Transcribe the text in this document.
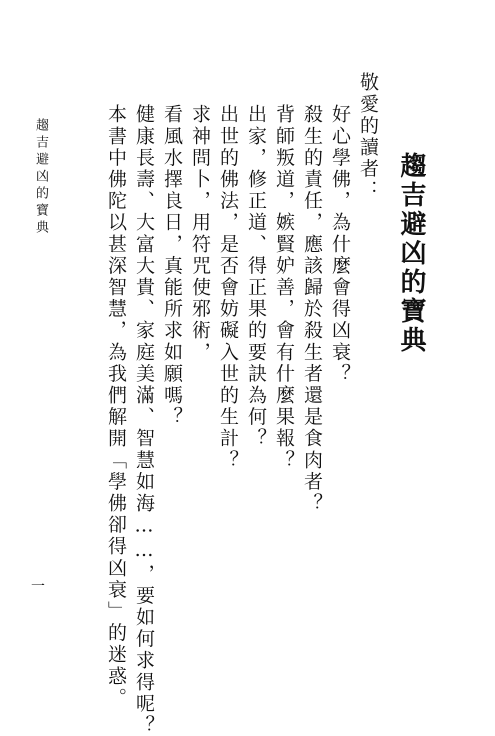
趨吉避凶的寶典
敬愛的讀者：
好心學佛，為什麼會得凶衰？
殺生的責任，應該歸於殺生者還是食肉者？
背師叛道，嫉賢妒善，會有什麼果報？
出家，修正道、得正果的要訣為何？
出世的佛法，是否會妨礙入世的生計？
求神問卜，用符咒使邪術，
看風水擇良日，真能所求如願嗎？
健康長壽、大富大貴、家庭美滿、智慧如海……，要如何求得呢？
本書中佛陀以甚深智慧，為我們解開「學佛卻得凶衰」的迷惑。
趨吉避凶的寶典
一
